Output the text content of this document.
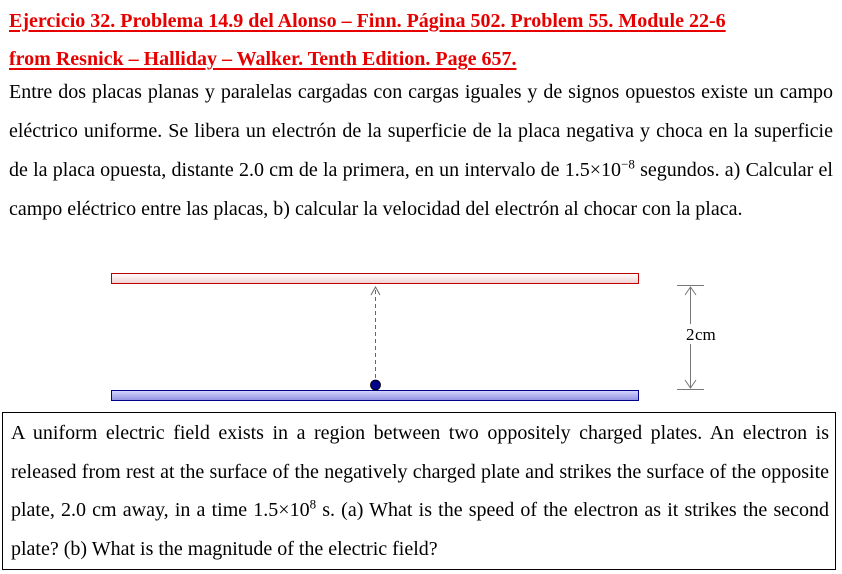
Ejercicio 32. Problema 14.9 del Alonso – Finn. Página 502. Problem 55. Module 22-6
from Resnick – Halliday – Walker. Tenth Edition. Page 657.

Entre dos placas planas y paralelas cargadas con cargas iguales y de signos opuestos existe un campo eléctrico uniforme. Se libera un electrón de la superficie de la placa negativa y choca en la superficie de la placa opuesta, distante 2.0 cm de la primera, en un intervalo de $1.5\times 10^{-8}$ segundos. a) Calcular el campo eléctrico entre las placas, b) calcular la velocidad del electrón al chocar con la placa.

2 cm

A uniform electric field exists in a region between two oppositely charged plates. An electron is released from rest at the surface of the negatively charged plate and strikes the surface of the opposite plate, 2.0 cm away, in a time $1.5\times 10^8$ s. (a) What is the speed of the electron as it strikes the second plate? (b) What is the magnitude of the electric field?
